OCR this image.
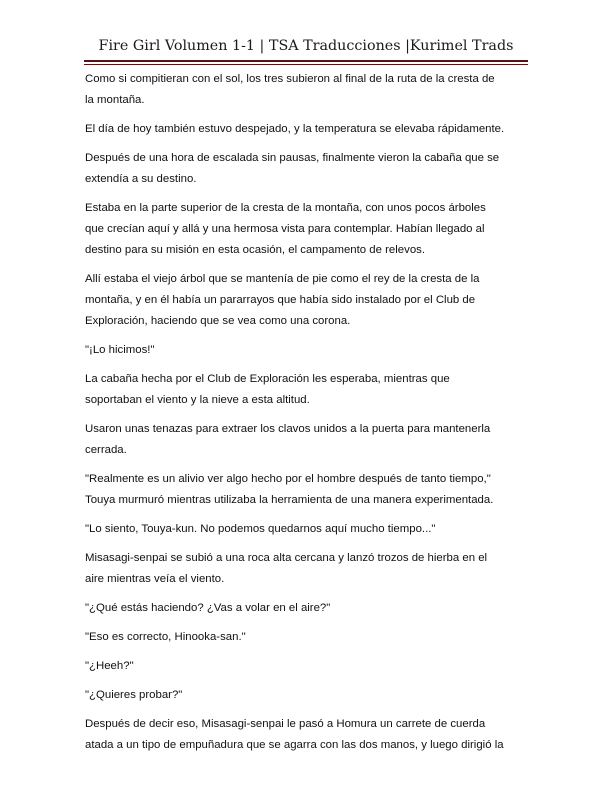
Fire Girl Volumen 1-1 | TSA Traducciones |Kurimel Trads

Como si compitieran con el sol, los tres subieron al final de la ruta de la cresta de
la montaña.

El día de hoy también estuvo despejado, y la temperatura se elevaba rápidamente.

Después de una hora de escalada sin pausas, finalmente vieron la cabaña que se
extendía a su destino.

Estaba en la parte superior de la cresta de la montaña, con unos pocos árboles
que crecían aquí y allá y una hermosa vista para contemplar. Habían llegado al
destino para su misión en esta ocasión, el campamento de relevos.

Allí estaba el viejo árbol que se mantenía de pie como el rey de la cresta de la
montaña, y en él había un pararrayos que había sido instalado por el Club de
Exploración, haciendo que se vea como una corona.

"¡Lo hicimos!"

La cabaña hecha por el Club de Exploración les esperaba, mientras que
soportaban el viento y la nieve a esta altitud.

Usaron unas tenazas para extraer los clavos unidos a la puerta para mantenerla
cerrada.

"Realmente es un alivio ver algo hecho por el hombre después de tanto tiempo,"
Touya murmuró mientras utilizaba la herramienta de una manera experimentada.

"Lo siento, Touya-kun. No podemos quedarnos aquí mucho tiempo..."

Misasagi-senpai se subió a una roca alta cercana y lanzó trozos de hierba en el
aire mientras veía el viento.

"¿Qué estás haciendo? ¿Vas a volar en el aire?"

"Eso es correcto, Hinooka-san."

"¿Heeh?"

"¿Quieres probar?"

Después de decir eso, Misasagi-senpai le pasó a Homura un carrete de cuerda
atada a un tipo de empuñadura que se agarra con las dos manos, y luego dirigió la
